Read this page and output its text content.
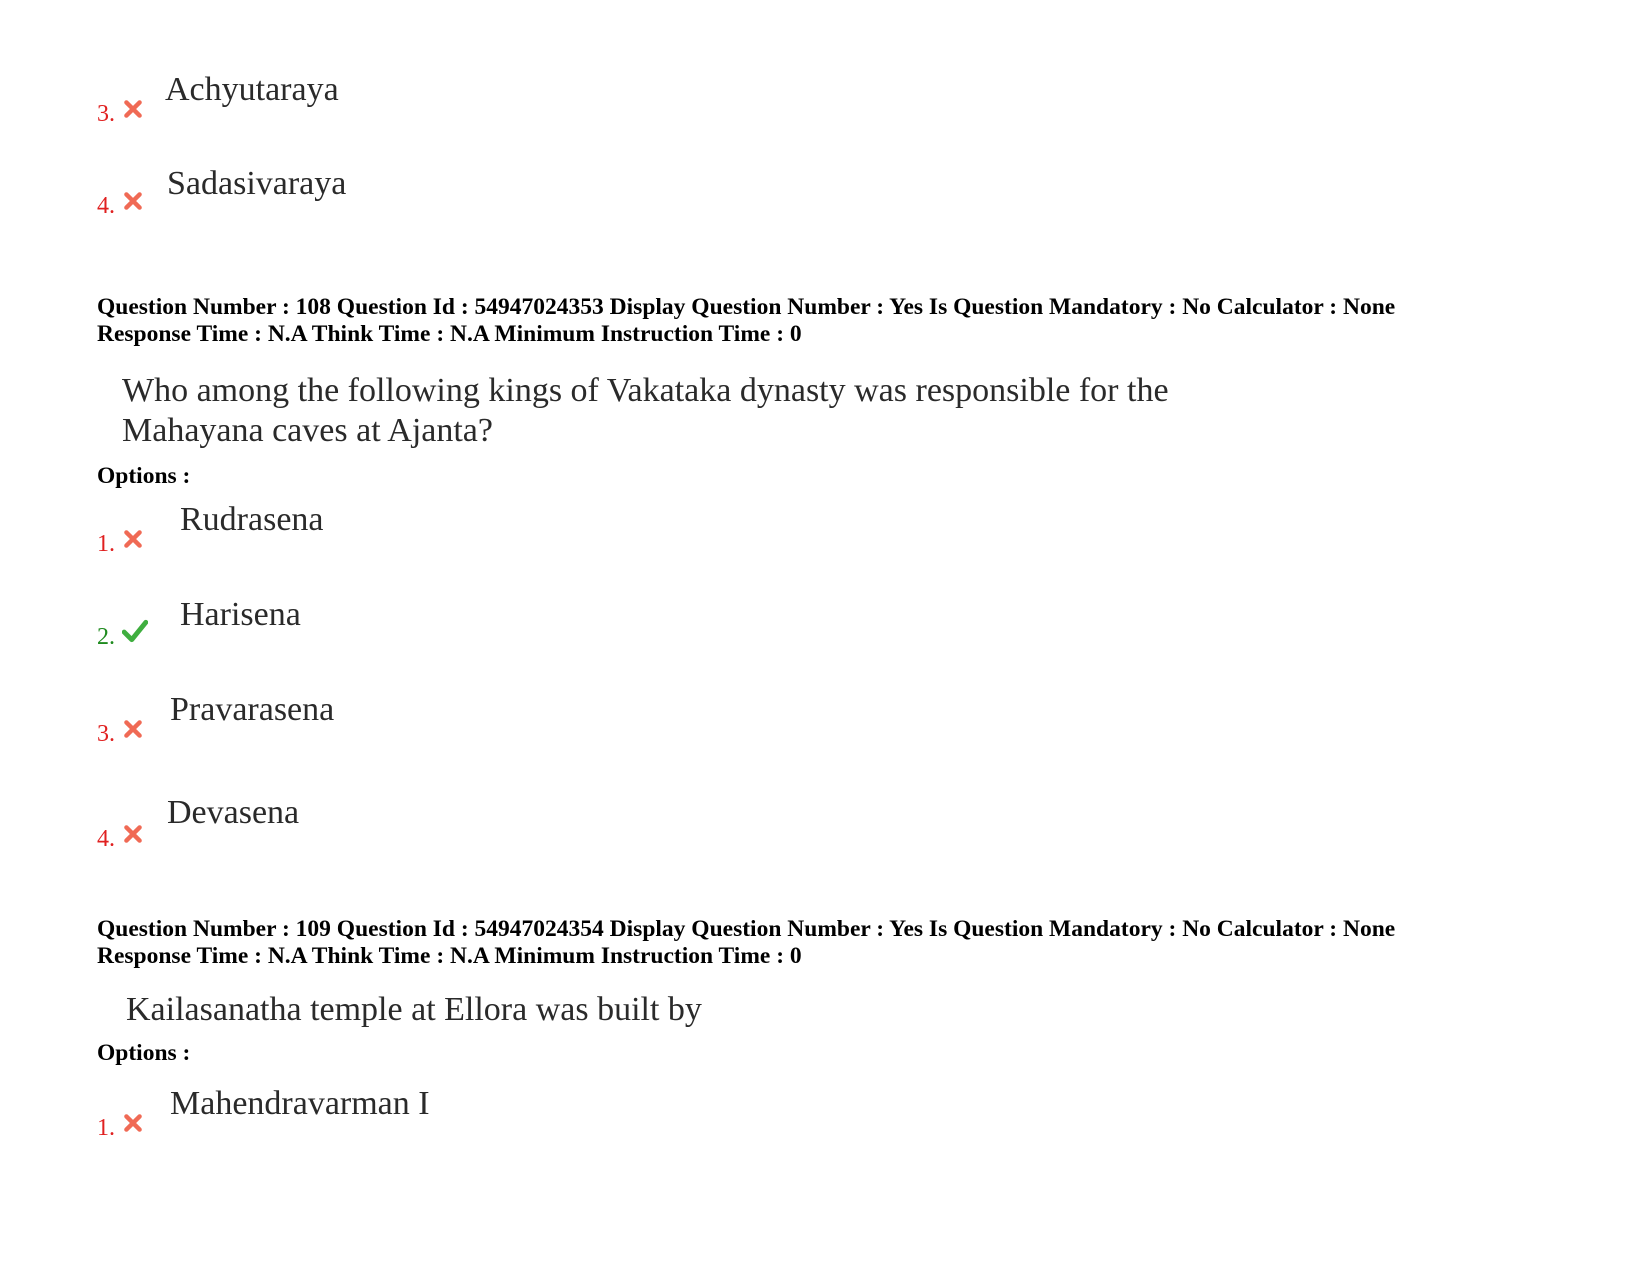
Achyutaraya
3.
Sadasivaraya
4.
Question Number : 108 Question Id : 54947024353 Display Question Number : Yes Is Question Mandatory : No Calculator : None
Response Time : N.A Think Time : N.A Minimum Instruction Time : 0
Who among the following kings of Vakataka dynasty was responsible for the
Mahayana caves at Ajanta?
Options :
Rudrasena
1.
Harisena
2.
Pravarasena
3.
Devasena
4.
Question Number : 109 Question Id : 54947024354 Display Question Number : Yes Is Question Mandatory : No Calculator : None
Response Time : N.A Think Time : N.A Minimum Instruction Time : 0
Kailasanatha temple at Ellora was built by
Options :
Mahendravarman I
1.
